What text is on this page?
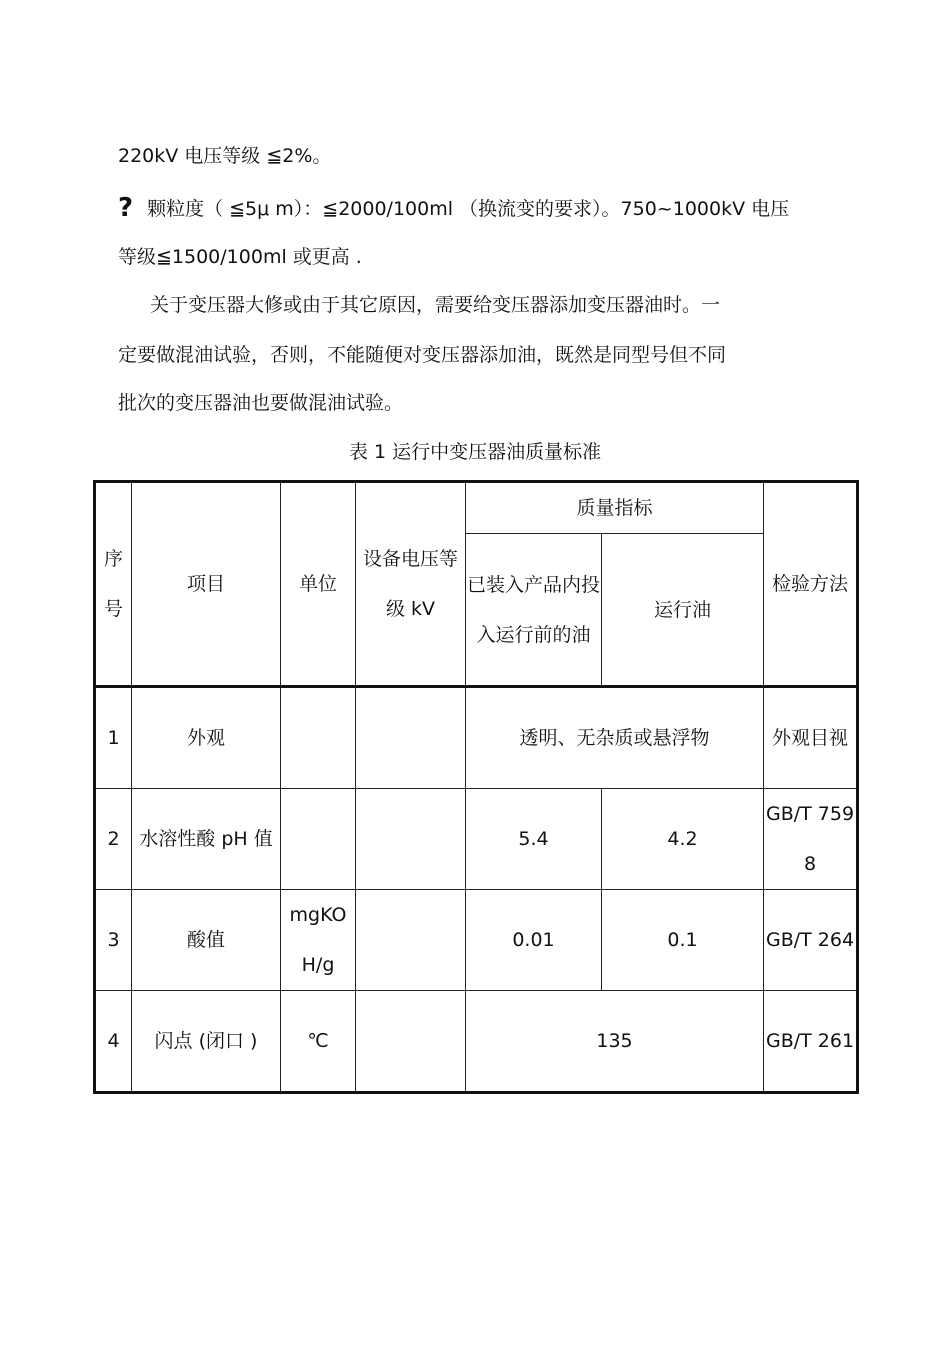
220kV 电压等级 ≦2%。
? 颗粒度（ ≦5μ m）：≦2000/100ml （换流变的要求）。750~1000kV 电压
等级≦1500/100ml 或更高 .
关于变压器大修或由于其它原因，需要给变压器添加变压器油时。一
定要做混油试验，否则，不能随便对变压器添加油，既然是同型号但不同
批次的变压器油也要做混油试验。
表 1 运行中变压器油质量标准
序号	项目	单位	设备电压等级 kV	质量指标		检验方法
				已装入产品内投入运行前的油	运行油	
1	外观			透明、无杂质或悬浮物		外观目视
2	水溶性酸 pH 值			5.4	4.2	GB/T 7598
3	酸值	mgKOH/g		0.01	0.1	GB/T 264
4	闪点 (闭口 )	℃		135		GB/T 261
